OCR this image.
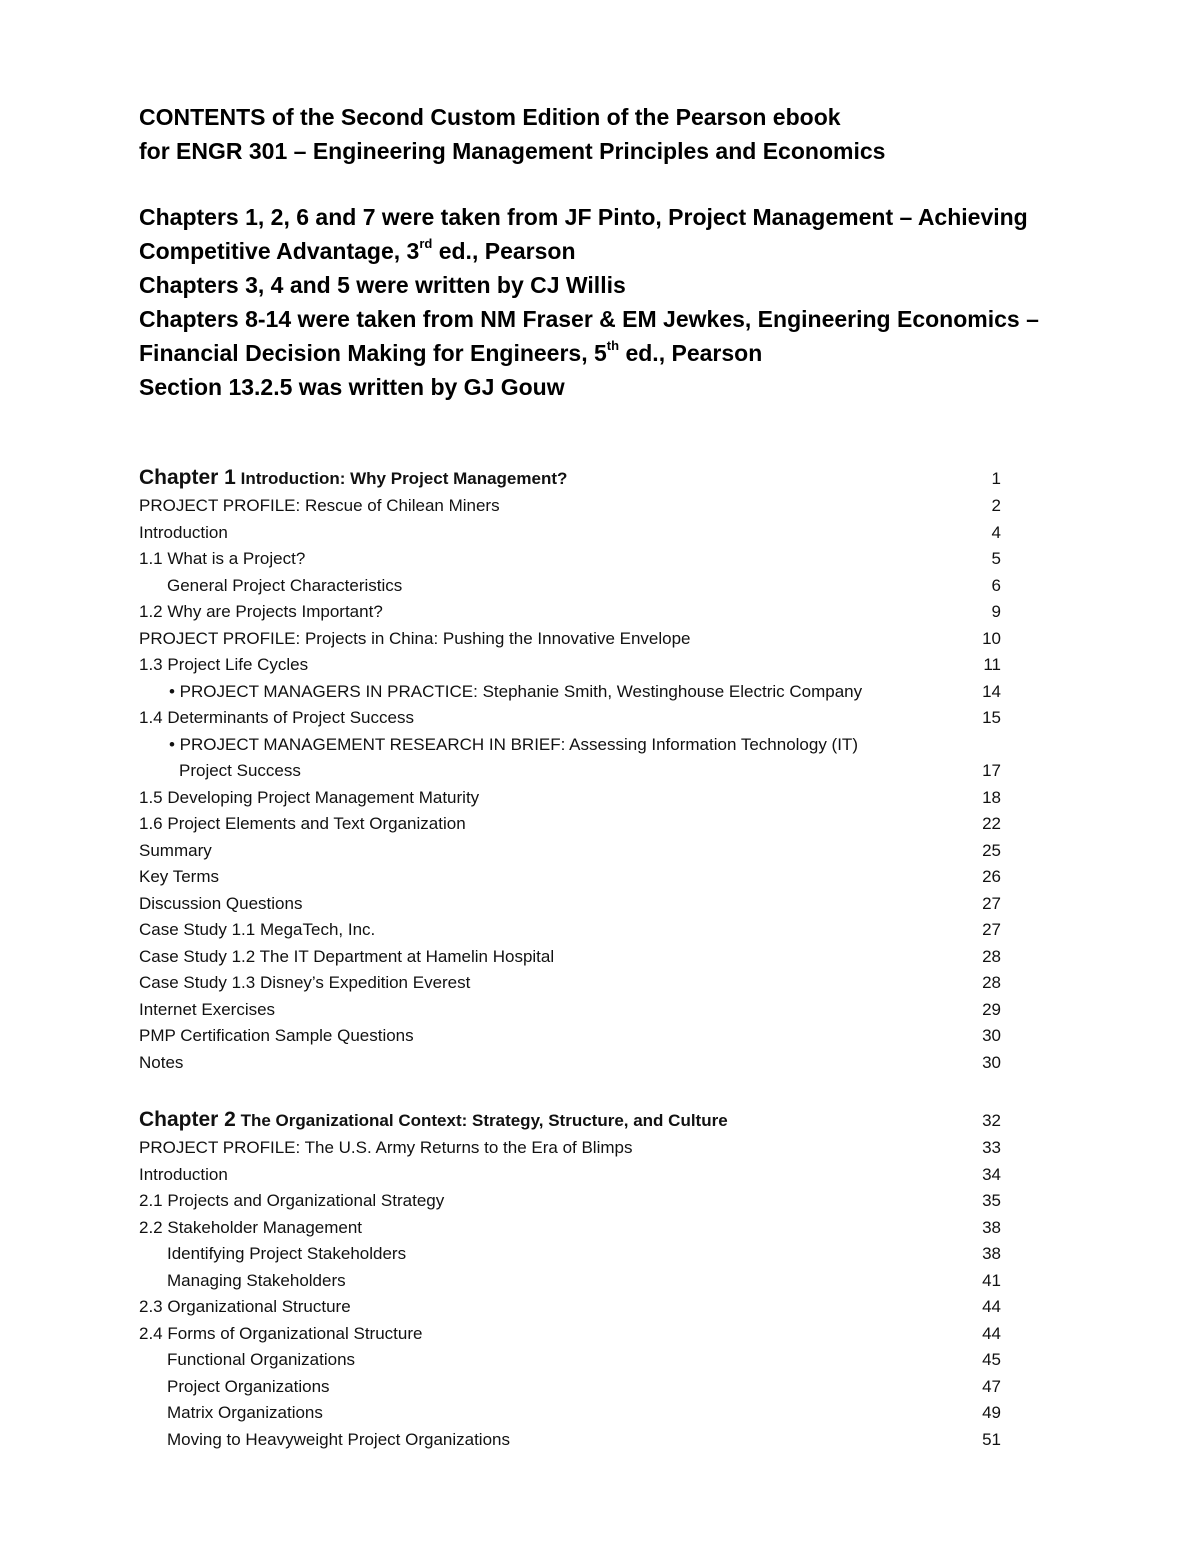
CONTENTS of the Second Custom Edition of the Pearson ebook
for ENGR 301 – Engineering Management Principles and Economics
Chapters 1, 2, 6 and 7 were taken from JF Pinto, Project Management – Achieving
Competitive Advantage, 3rd ed., Pearson
Chapters 3, 4 and 5 were written by CJ Willis
Chapters 8-14 were taken from NM Fraser & EM Jewkes, Engineering Economics –
Financial Decision Making for Engineers, 5th ed., Pearson
Section 13.2.5 was written by GJ Gouw
Chapter 1 Introduction: Why Project Management?	1
PROJECT PROFILE: Rescue of Chilean Miners	2
Introduction	4
1.1 What is a Project?	5
General Project Characteristics	6
1.2 Why are Projects Important?	9
PROJECT PROFILE: Projects in China: Pushing the Innovative Envelope	10
1.3 Project Life Cycles	11
• PROJECT MANAGERS IN PRACTICE: Stephanie Smith, Westinghouse Electric Company	14
1.4 Determinants of Project Success	15
• PROJECT MANAGEMENT RESEARCH IN BRIEF: Assessing Information Technology (IT)
Project Success	17
1.5 Developing Project Management Maturity	18
1.6 Project Elements and Text Organization	22
Summary	25
Key Terms	26
Discussion Questions	27
Case Study 1.1 MegaTech, Inc.	27
Case Study 1.2 The IT Department at Hamelin Hospital	28
Case Study 1.3 Disney’s Expedition Everest	28
Internet Exercises	29
PMP Certification Sample Questions	30
Notes	30
Chapter 2 The Organizational Context: Strategy, Structure, and Culture	32
PROJECT PROFILE: The U.S. Army Returns to the Era of Blimps	33
Introduction	34
2.1 Projects and Organizational Strategy	35
2.2 Stakeholder Management	38
Identifying Project Stakeholders	38
Managing Stakeholders	41
2.3 Organizational Structure	44
2.4 Forms of Organizational Structure	44
Functional Organizations	45
Project Organizations	47
Matrix Organizations	49
Moving to Heavyweight Project Organizations	51
